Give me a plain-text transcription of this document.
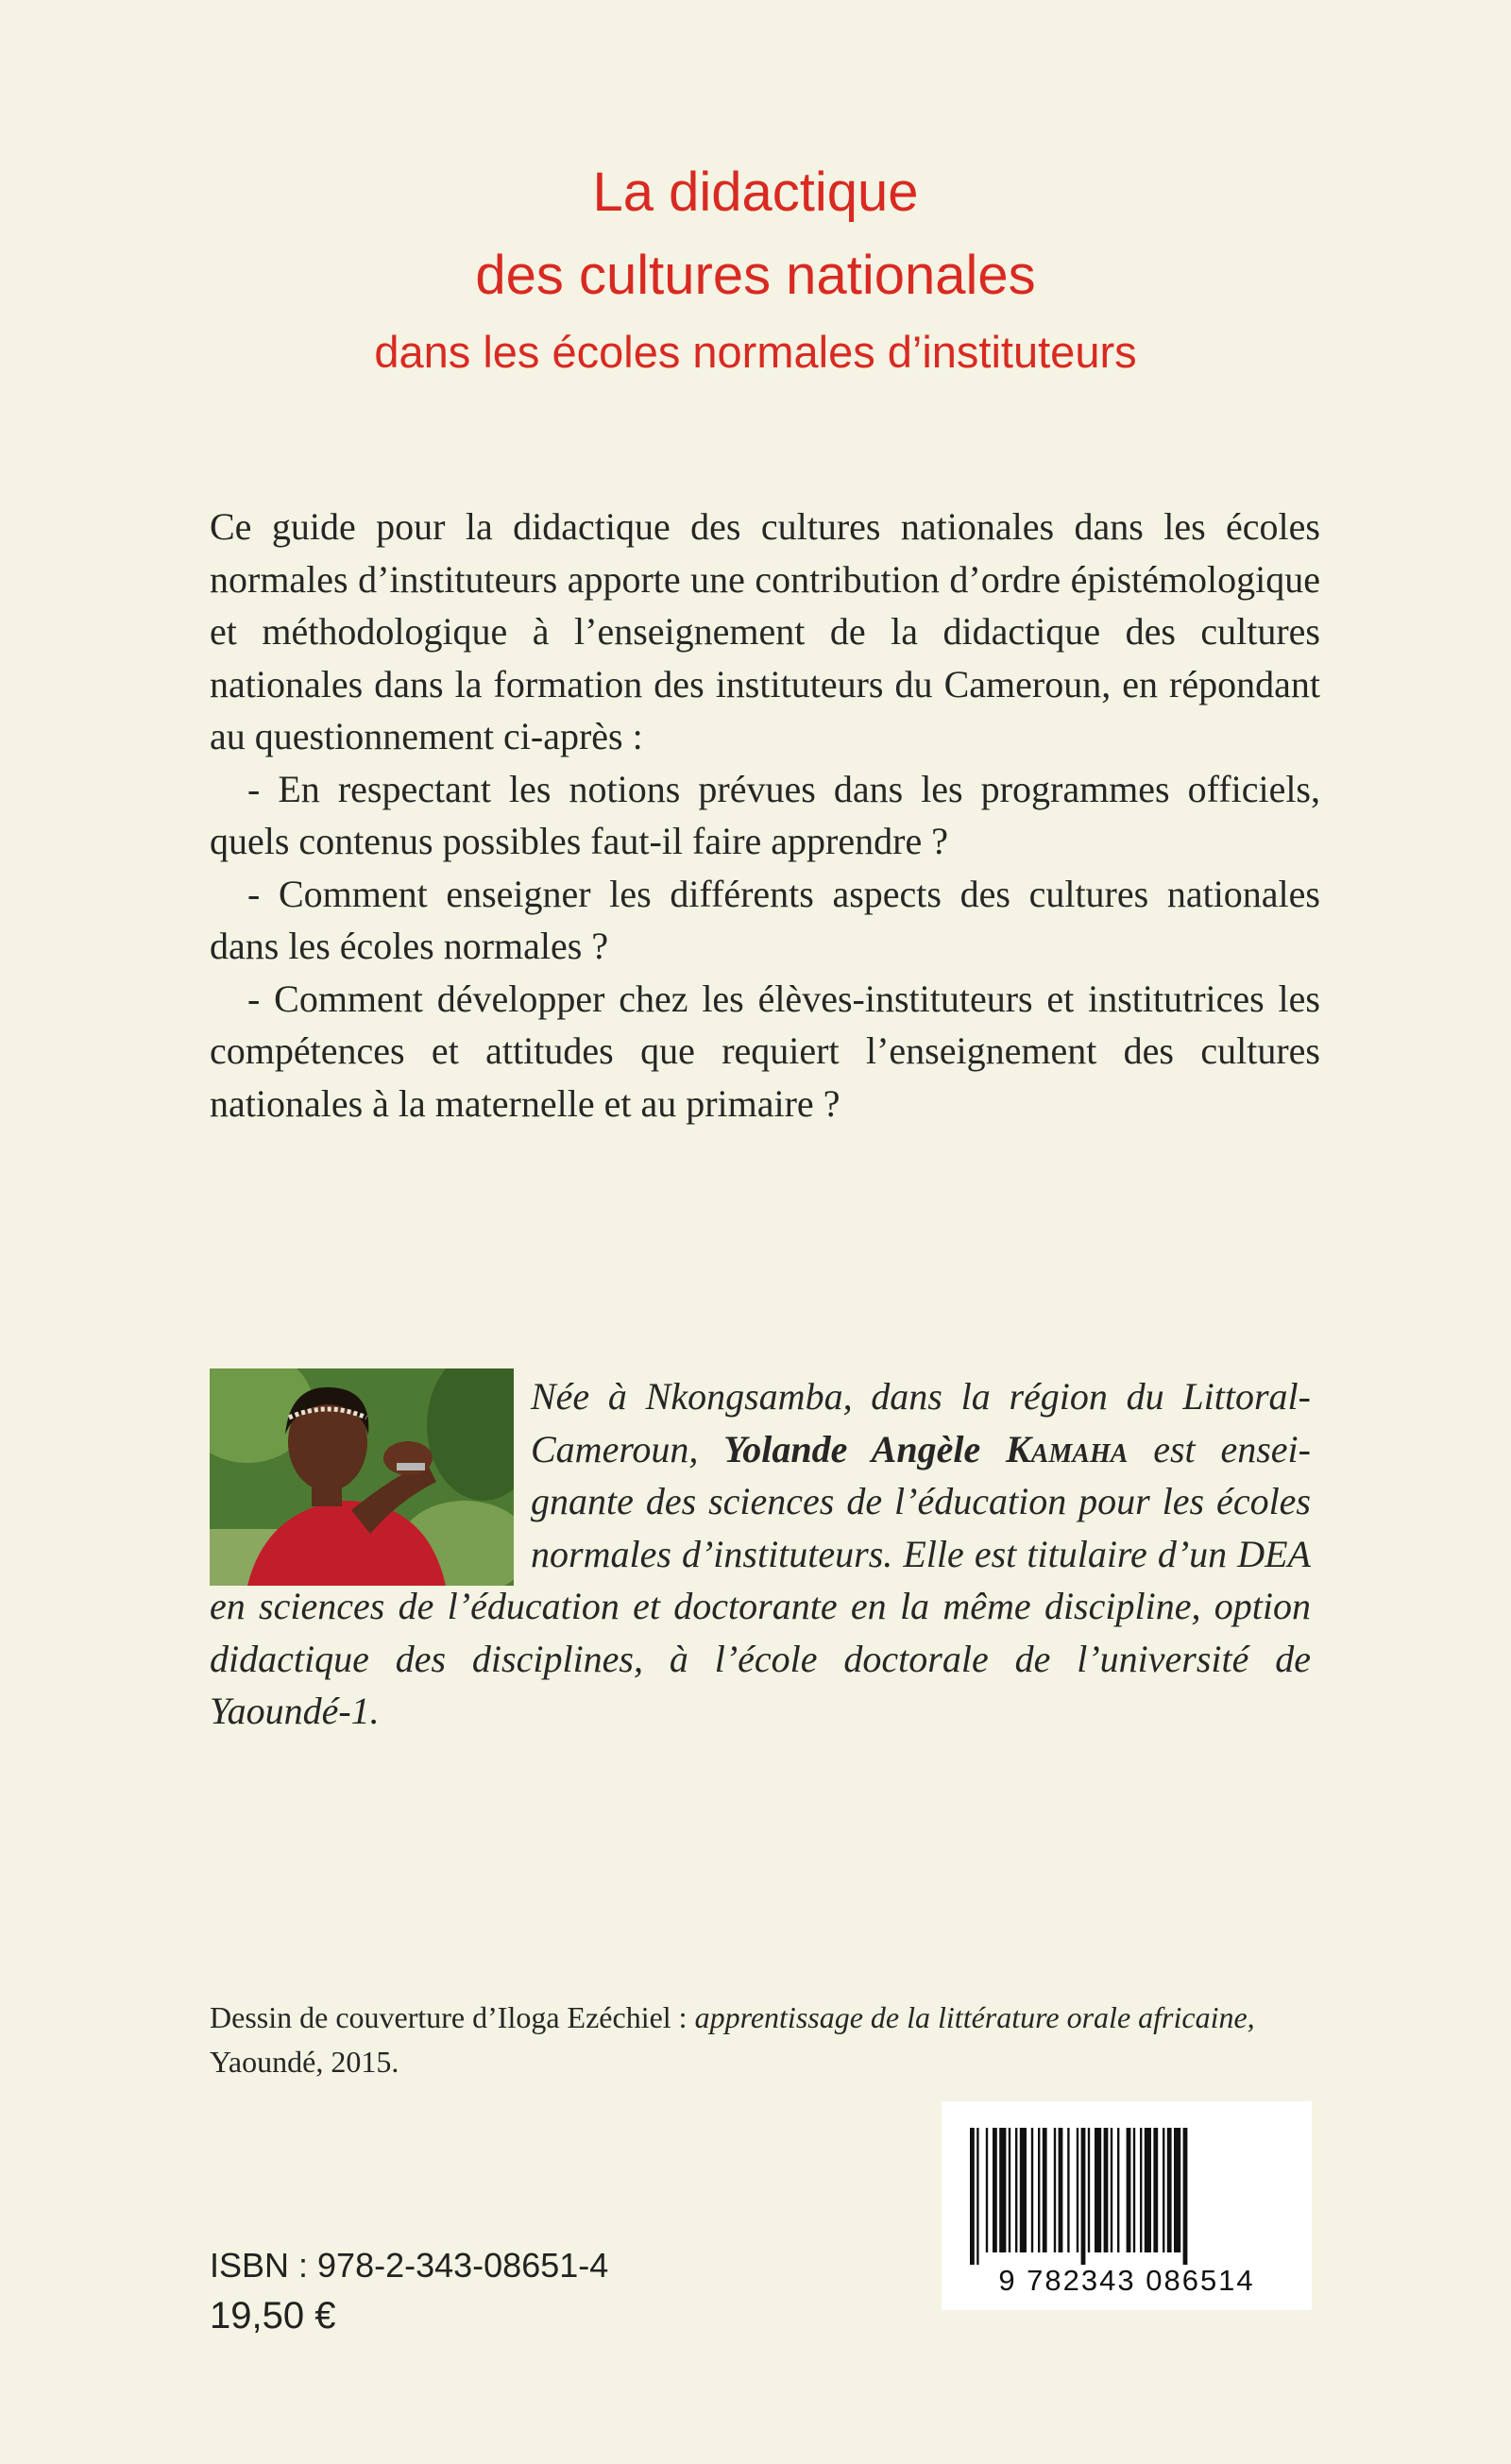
La didactique
des cultures nationales
dans les écoles normales d’instituteurs

Ce guide pour la didactique des cultures nationales dans les écoles normales d’instituteurs apporte une contribution d’ordre épistémologique et méthodologique à l’enseignement de la didactique des cultures nationales dans la formation des instituteurs du Cameroun, en répondant au questionnement ci-après :

- En respectant les notions prévues dans les programmes officiels, quels contenus possibles faut-il faire apprendre ?

- Comment enseigner les différents aspects des cultures nationales dans les écoles normales ?

- Comment développer chez les élèves-instituteurs et institutrices les compétences et attitudes que requiert l’enseignement des cultures nationales à la maternelle et au primaire ?

Née à Nkongsamba, dans la région du Littoral-Cameroun, Yolande Angèle Kamaha est enseignante des sciences de l’éducation pour les écoles normales d’instituteurs. Elle est titulaire d’un DEA en sciences de l’éducation et doctorante en la même discipline, option didactique des disciplines, à l’école doctorale de l’université de Yaoundé-1.
Dessin de couverture d’Iloga Ezéchiel : apprentissage de la littérature orale africaine,
Yaoundé, 2015.
ISBN : 978-2-343-08651-4
19,50 €
9 782343 086514
